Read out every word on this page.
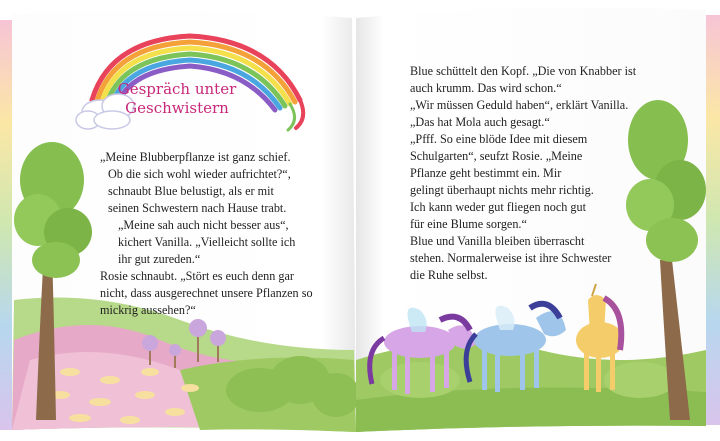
Gespräch unter
Geschwistern
„Meine Blubberpflanze ist ganz schief.
Ob die sich wohl wieder aufrichtet?“,
schnaubt Blue belustigt, als er mit
seinen Schwestern nach Hause trabt.
„Meine sah auch nicht besser aus“,
kichert Vanilla. „Vielleicht sollte ich
ihr gut zureden.“
Rosie schnaubt. „Stört es euch denn gar
nicht, dass ausgerechnet unsere Pflanzen so
mickrig aussehen?“
Blue schüttelt den Kopf. „Die von Knabber ist
auch krumm. Das wird schon.“
„Wir müssen Geduld haben“, erklärt Vanilla.
„Das hat Mola auch gesagt.“
„Pfff. So eine blöde Idee mit diesem
Schulgarten“, seufzt Rosie. „Meine
Pflanze geht bestimmt ein. Mir
gelingt überhaupt nichts mehr richtig.
Ich kann weder gut fliegen noch gut
für eine Blume sorgen.“
Blue und Vanilla bleiben überrascht
stehen. Normalerweise ist ihre Schwester
die Ruhe selbst.
